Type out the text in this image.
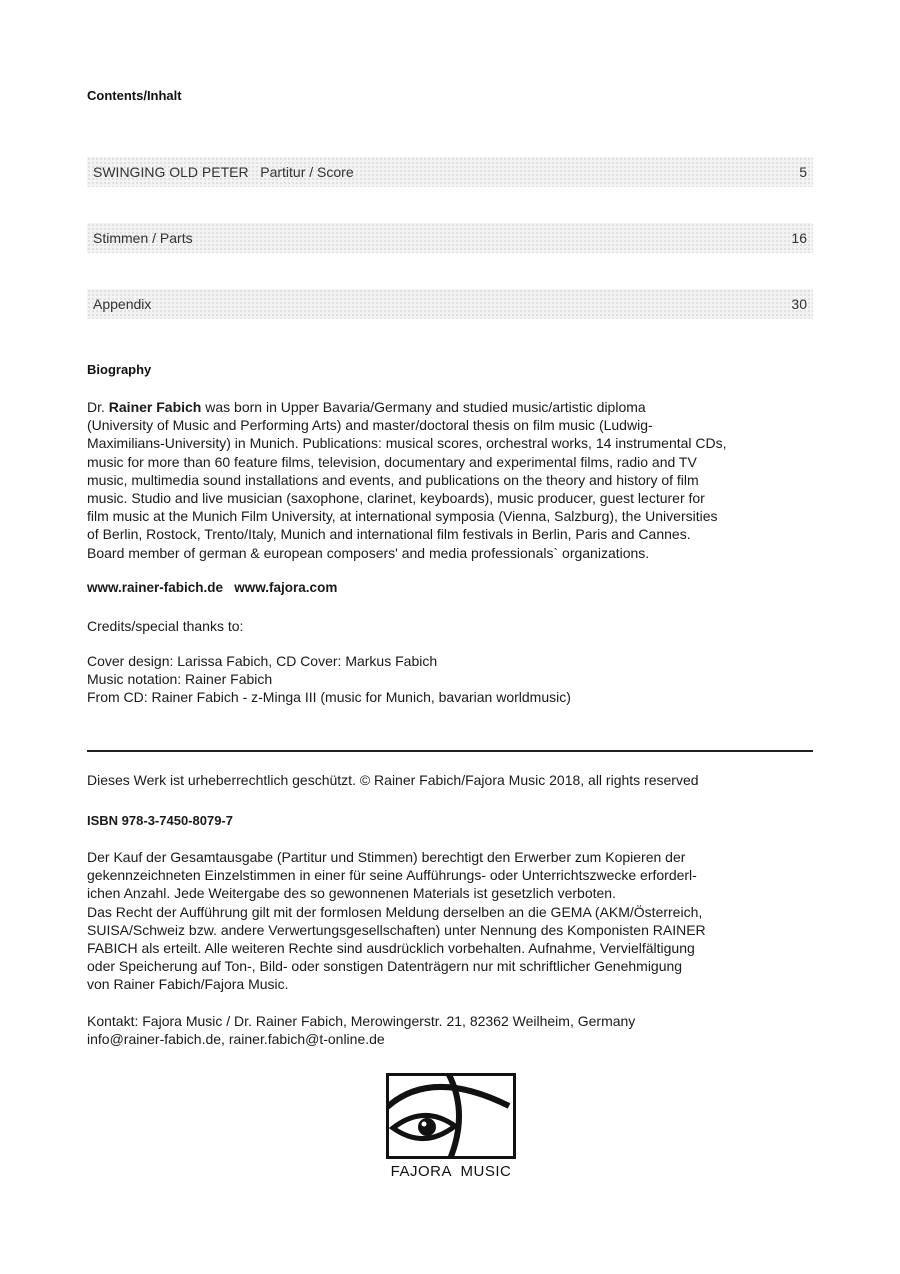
Contents/Inhalt
SWINGING OLD PETER   Partitur / Score	5
Stimmen / Parts	16
Appendix	30
Biography
Dr. Rainer Fabich was born in Upper Bavaria/Germany and studied music/artistic diploma
(University of Music and Performing Arts) and master/doctoral thesis on film music (Ludwig-
Maximilians-University) in Munich. Publications: musical scores, orchestral works, 14 instrumental CDs,
music for more than 60 feature films, television, documentary and experimental films, radio and TV
music, multimedia sound installations and events, and publications on the theory and history of film
music. Studio and live musician (saxophone, clarinet, keyboards), music producer, guest lecturer for
film music at the Munich Film University, at international symposia (Vienna, Salzburg), the Universities
of Berlin, Rostock, Trento/Italy, Munich and international film festivals in Berlin, Paris and Cannes.
Board member of german & european composers' and media professionals` organizations.
www.rainer-fabich.de www.fajora.com
Credits/special thanks to:
Cover design: Larissa Fabich, CD Cover: Markus Fabich
Music notation: Rainer Fabich
From CD: Rainer Fabich - z-Minga III (music for Munich, bavarian worldmusic)
Dieses Werk ist urheberrechtlich geschützt. © Rainer Fabich/Fajora Music 2018, all rights reserved
ISBN 978-3-7450-8079-7
Der Kauf der Gesamtausgabe (Partitur und Stimmen) berechtigt den Erwerber zum Kopieren der
gekennzeichneten Einzelstimmen in einer für seine Aufführungs- oder Unterrichtszwecke erforderl-
ichen Anzahl. Jede Weitergabe des so gewonnenen Materials ist gesetzlich verboten.
Das Recht der Aufführung gilt mit der formlosen Meldung derselben an die GEMA (AKM/Österreich,
SUISA/Schweiz bzw. andere Verwertungsgesellschaften) unter Nennung des Komponisten RAINER
FABICH als erteilt. Alle weiteren Rechte sind ausdrücklich vorbehalten. Aufnahme, Vervielfältigung
oder Speicherung auf Ton-, Bild- oder sonstigen Datenträgern nur mit schriftlicher Genehmigung
von Rainer Fabich/Fajora Music.
Kontakt: Fajora Music / Dr. Rainer Fabich, Merowingerstr. 21, 82362 Weilheim, Germany
info@rainer-fabich.de, rainer.fabich@t-online.de
FAJORA  MUSIC
